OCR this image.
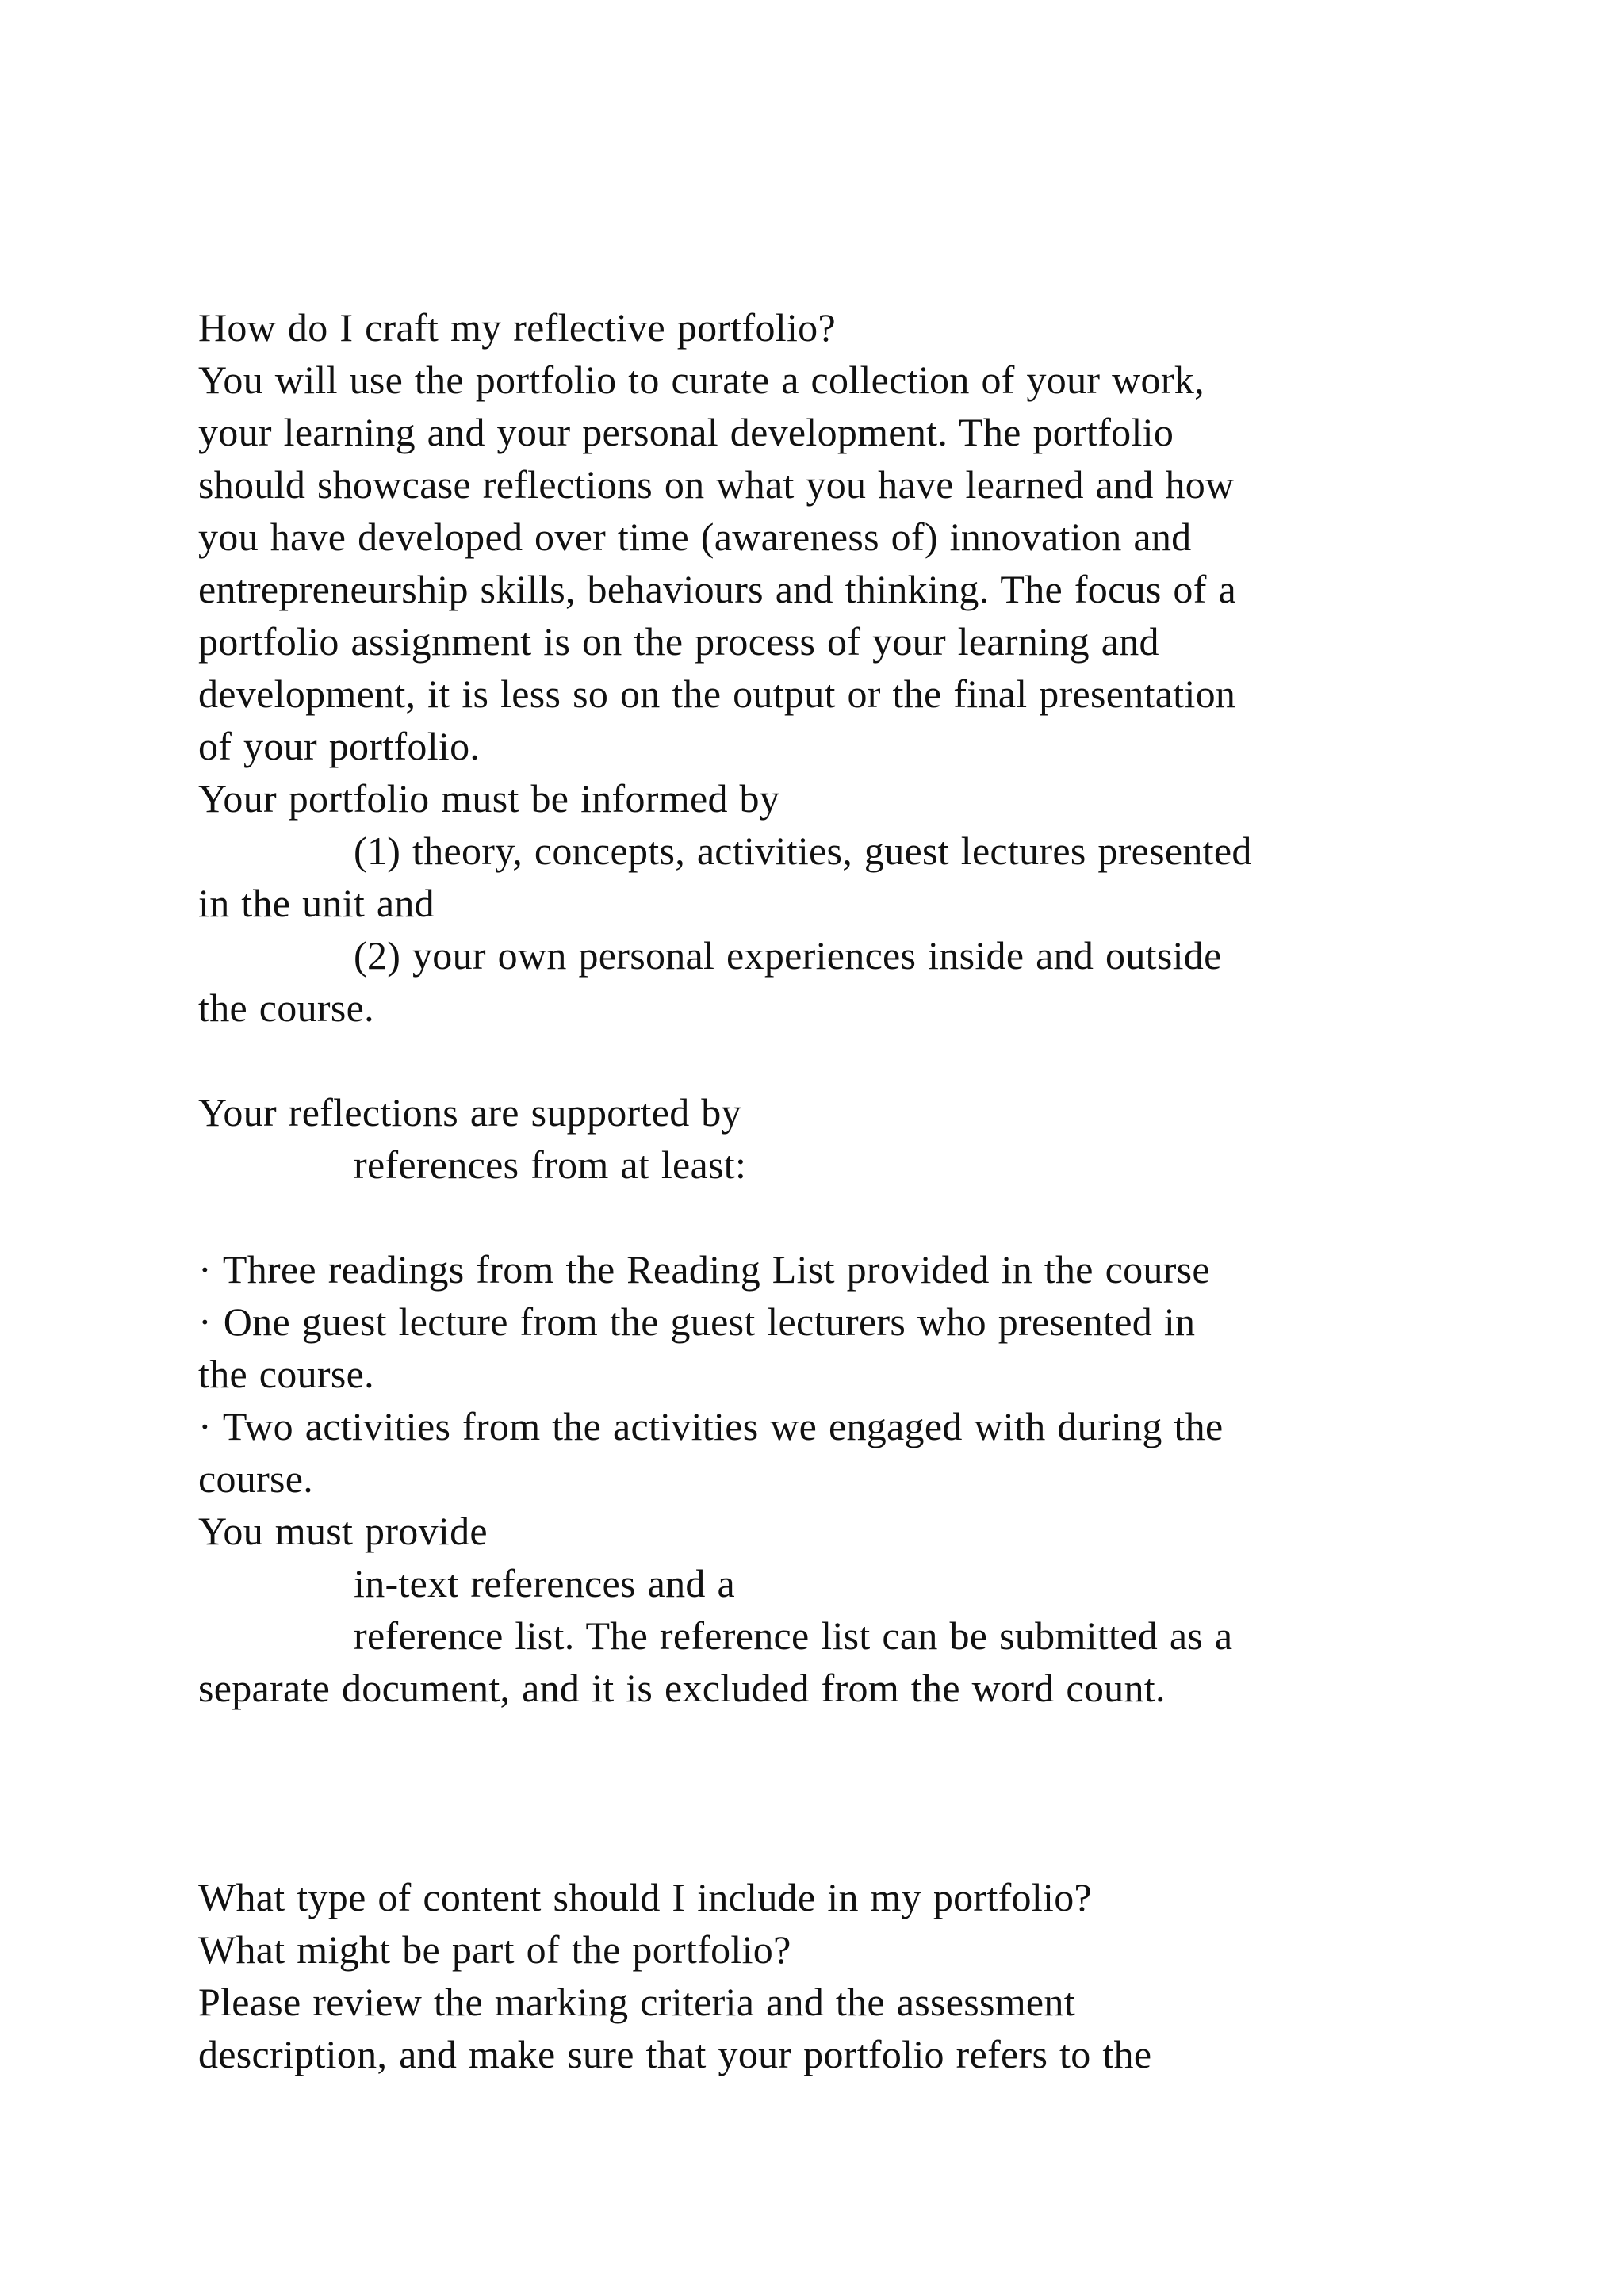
How do I craft my reflective portfolio?
You will use the portfolio to curate a collection of your work,
your learning and your personal development. The portfolio
should showcase reflections on what you have learned and how
you have developed over time (awareness of) innovation and
entrepreneurship skills, behaviours and thinking. The focus of a
portfolio assignment is on the process of your learning and
development, it is less so on the output or the final presentation
of your portfolio.
Your portfolio must be informed by
(1) theory, concepts, activities, guest lectures presented
in the unit and
(2) your own personal experiences inside and outside
the course.
Your reflections are supported by
references from at least:
· Three readings from the Reading List provided in the course
· One guest lecture from the guest lecturers who presented in
the course.
· Two activities from the activities we engaged with during the
course.
You must provide
in-text references and a
reference list. The reference list can be submitted as a
separate document, and it is excluded from the word count.
What type of content should I include in my portfolio?
What might be part of the portfolio?
Please review the marking criteria and the assessment
description, and make sure that your portfolio refers to the
